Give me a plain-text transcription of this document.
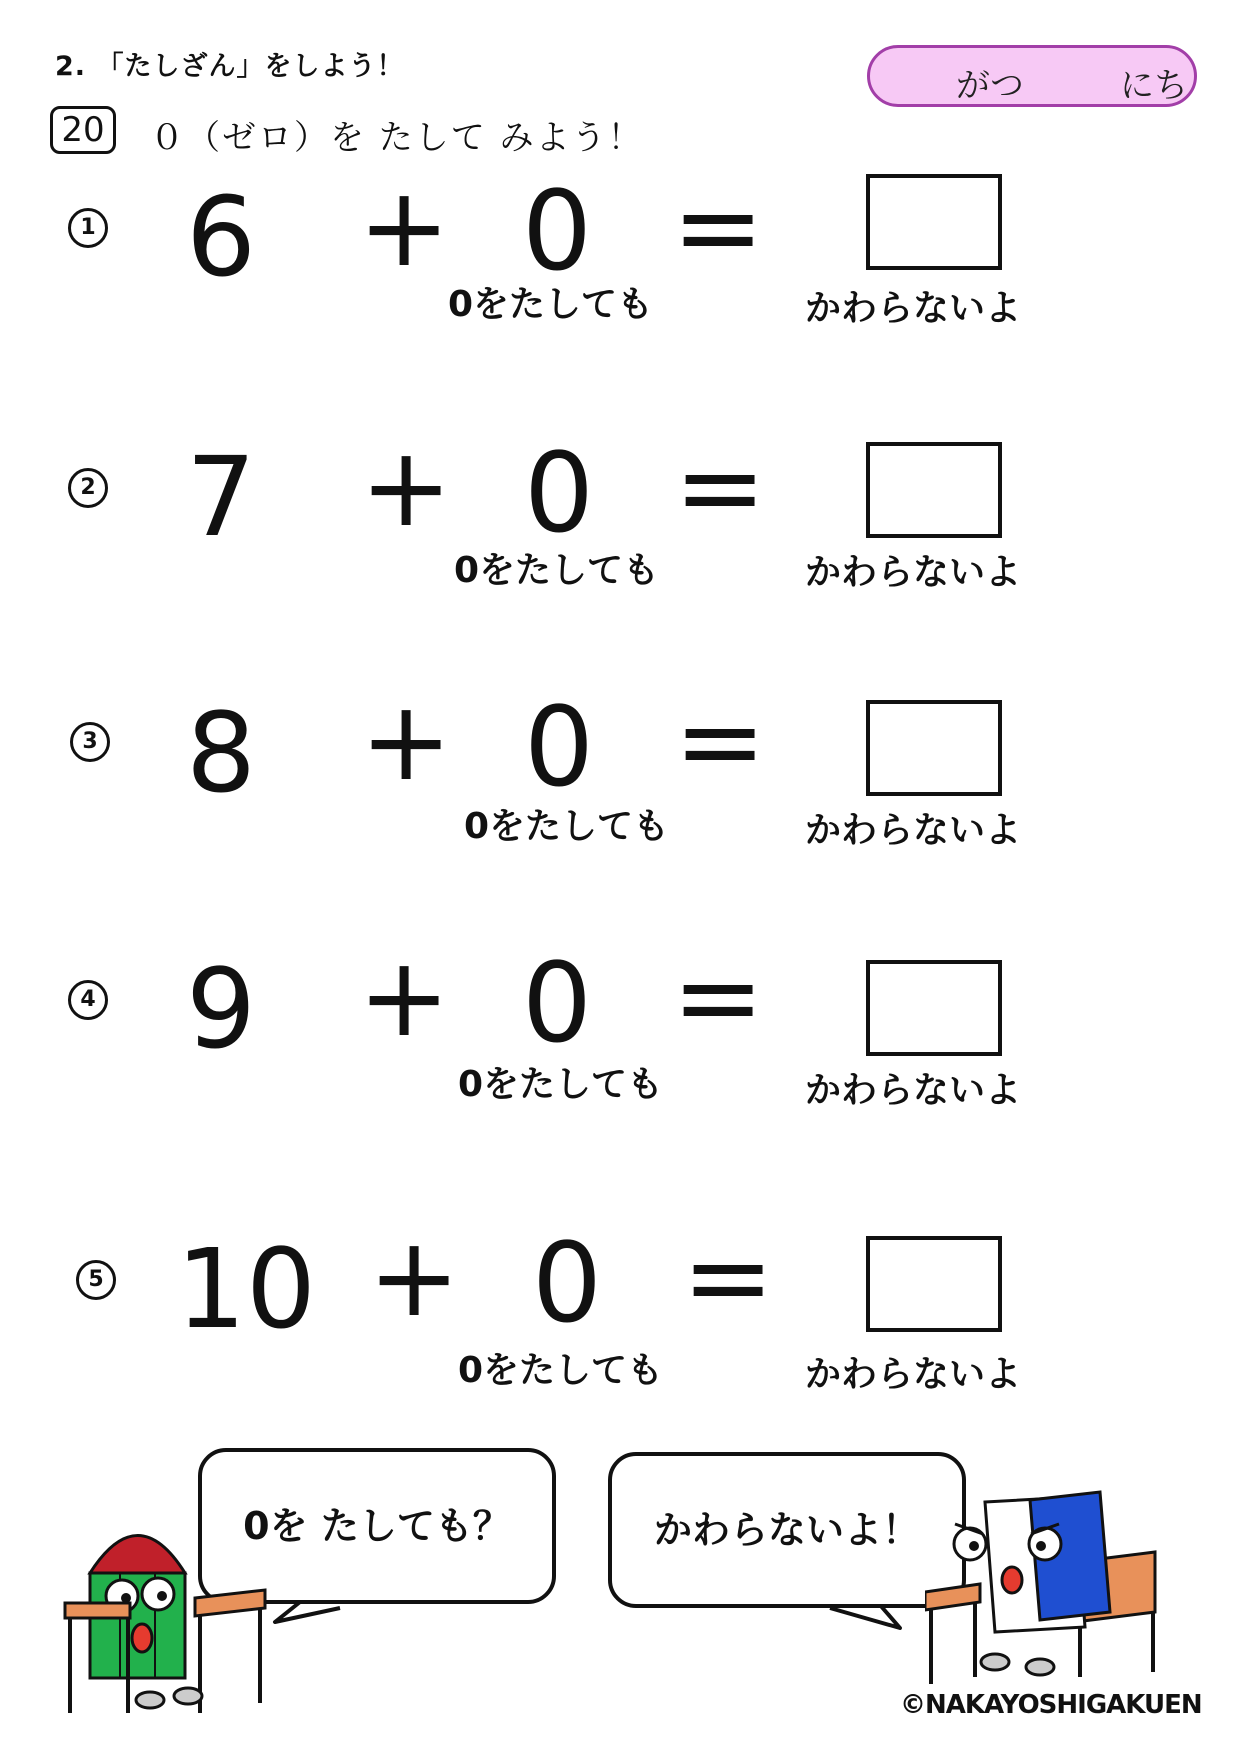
2. 「たしざん」をしよう！	がつ	にち
20	０（ゼロ）を たして みよう！
1 6 + 0 =
0をたしても	かわらないよ
2 7 + 0 =
0をたしても	かわらないよ
3 8 + 0 =
0をたしても	かわらないよ
4 9 + 0 =
0をたしても	かわらないよ
5 10 + 0 =
0をたしても	かわらないよ
0を たしても？	かわらないよ！
©NAKAYOSHIGAKUEN
